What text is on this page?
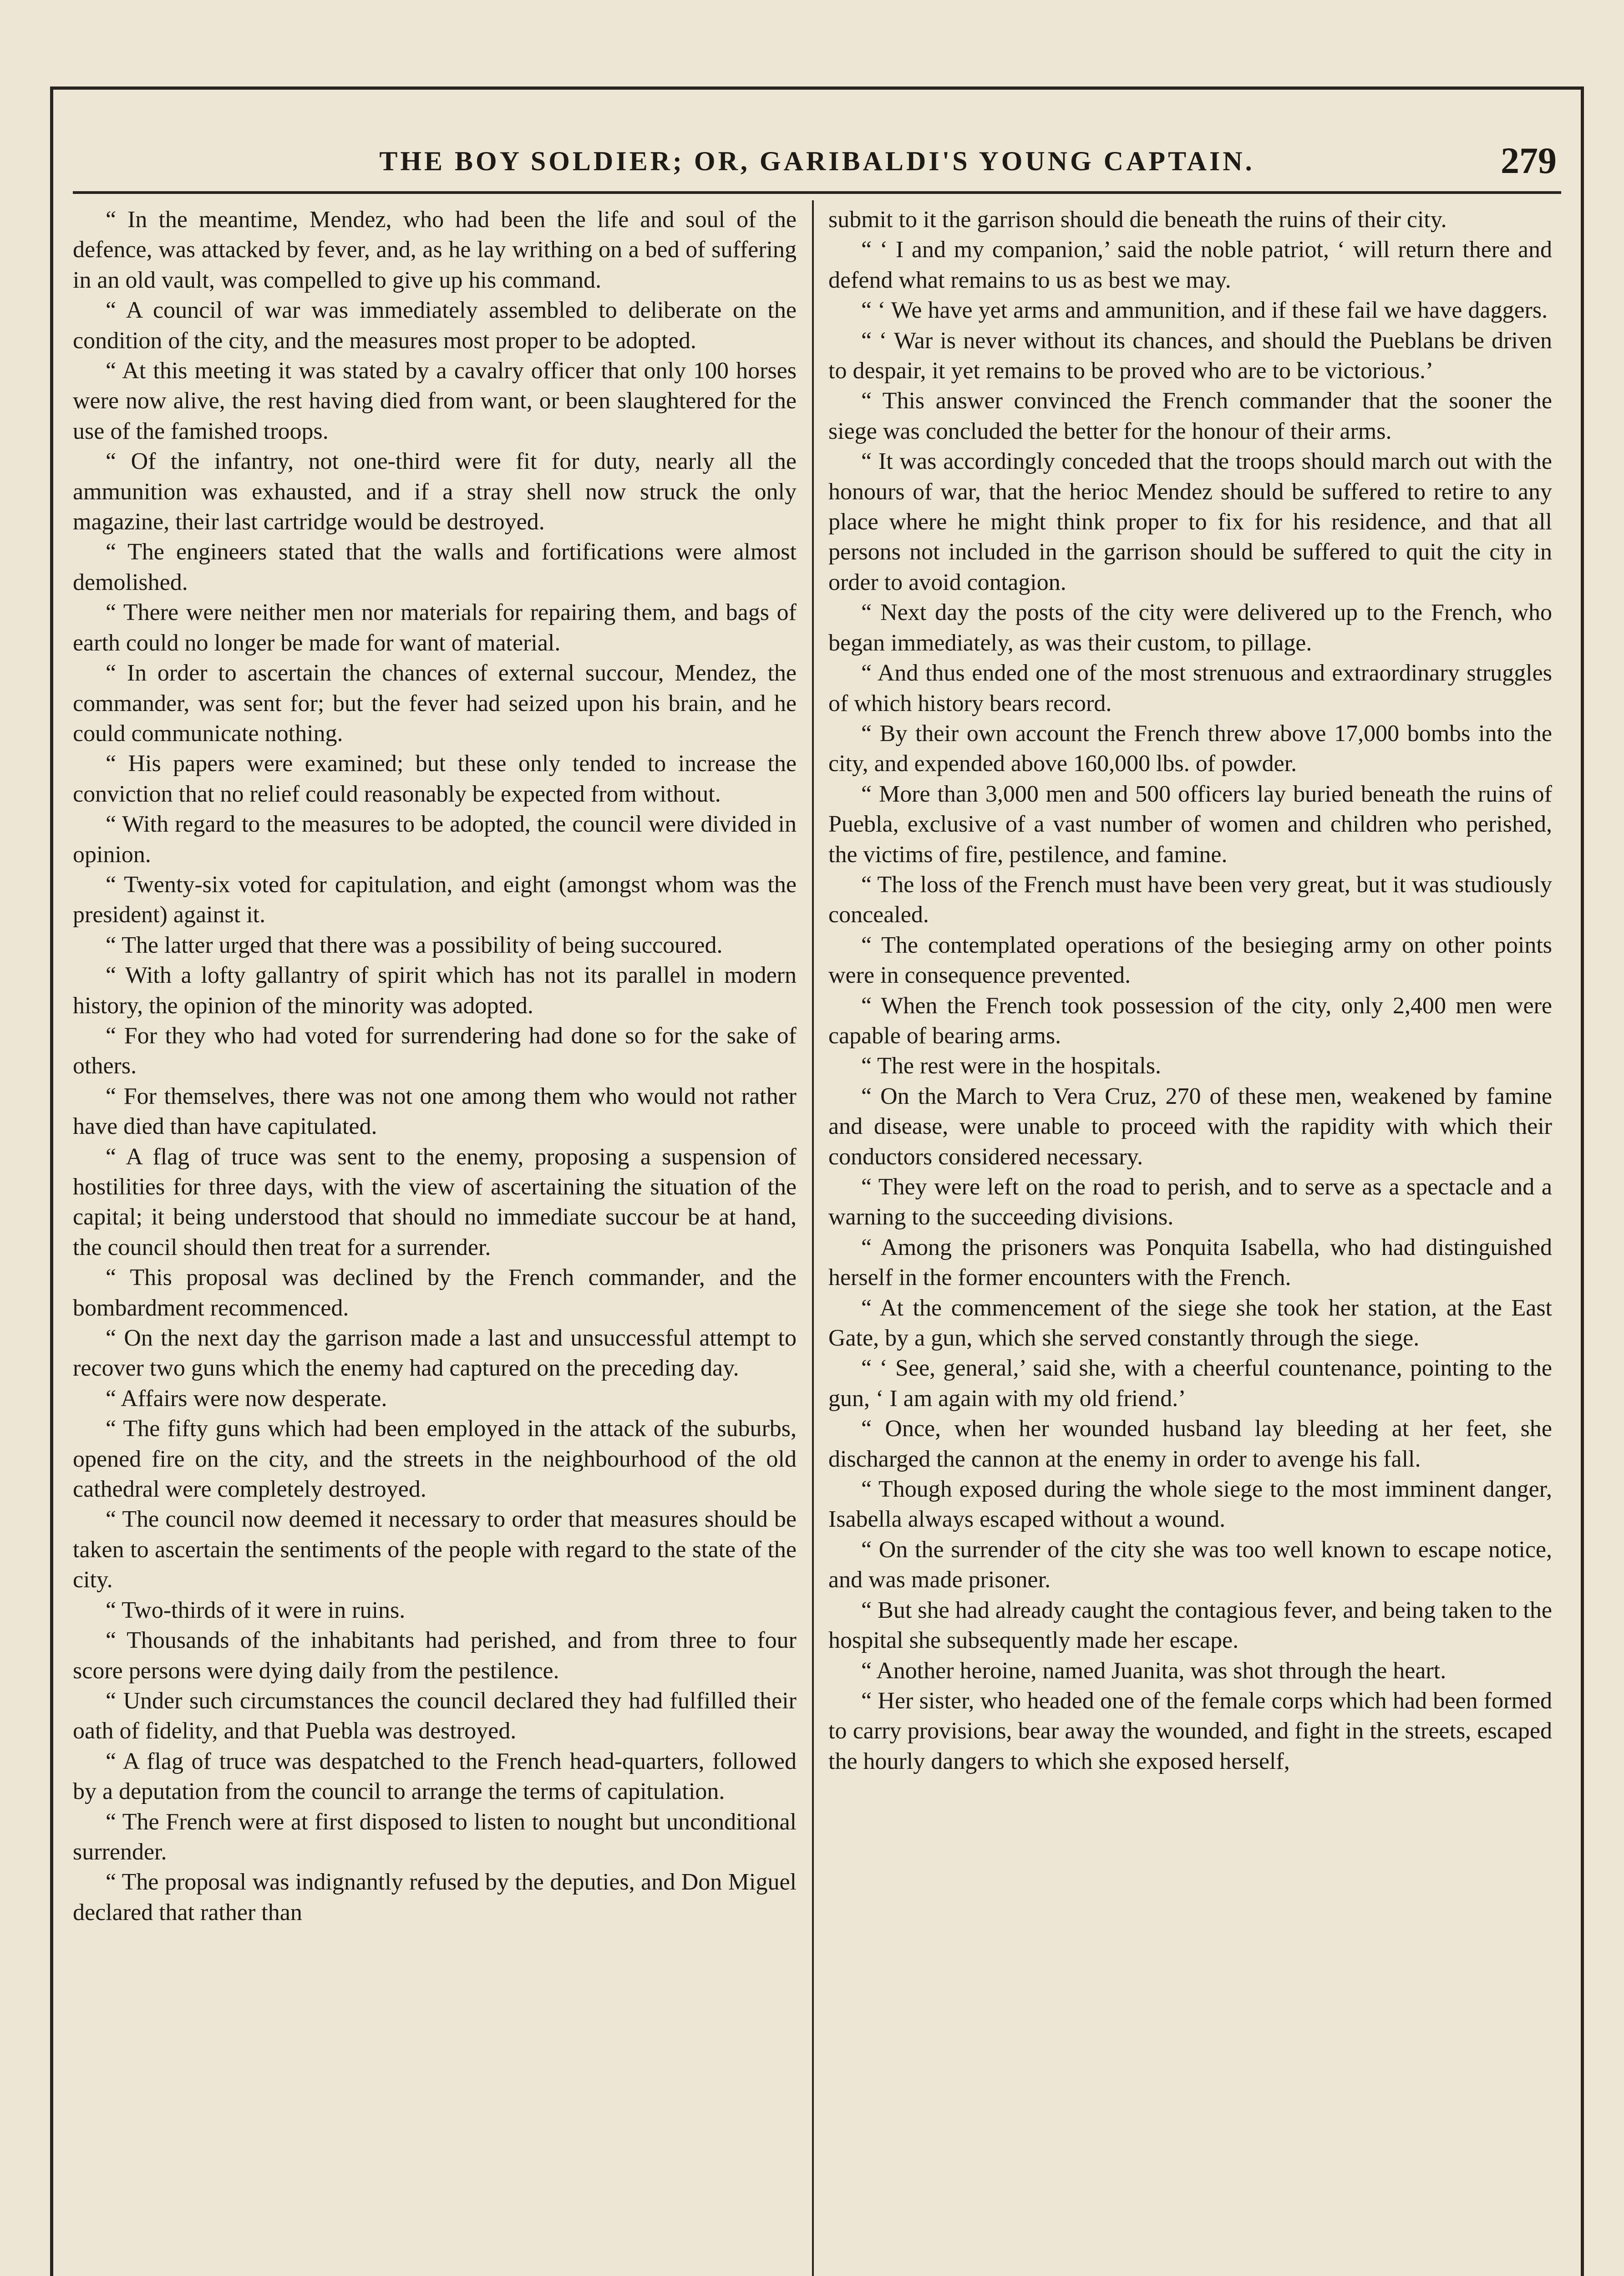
THE BOY SOLDIER; OR, GARIBALDI'S YOUNG CAPTAIN.	279

“ In the meantime, Mendez, who had been the life and soul of the defence, was attacked by fever, and, as he lay writhing on a bed of suffering in an old vault, was compelled to give up his command.

“ A council of war was immediately assembled to deliberate on the condition of the city, and the measures most proper to be adopted.

“ At this meeting it was stated by a cavalry officer that only 100 horses were now alive, the rest having died from want, or been slaughtered for the use of the famished troops.

“ Of the infantry, not one-third were fit for duty, nearly all the ammunition was exhausted, and if a stray shell now struck the only magazine, their last cartridge would be destroyed.

“ The engineers stated that the walls and fortifications were almost demolished.

“ There were neither men nor materials for repairing them, and bags of earth could no longer be made for want of material.

“ In order to ascertain the chances of external succour, Mendez, the commander, was sent for; but the fever had seized upon his brain, and he could communicate nothing.

“ His papers were examined; but these only tended to increase the conviction that no relief could reasonably be expected from without.

“ With regard to the measures to be adopted, the council were divided in opinion.

“ Twenty-six voted for capitulation, and eight (amongst whom was the president) against it.

“ The latter urged that there was a possibility of being succoured.

“ With a lofty gallantry of spirit which has not its parallel in modern history, the opinion of the minority was adopted.

“ For they who had voted for surrendering had done so for the sake of others.

“ For themselves, there was not one among them who would not rather have died than have capitulated.

“ A flag of truce was sent to the enemy, proposing a suspension of hostilities for three days, with the view of ascertaining the situation of the capital; it being understood that should no immediate succour be at hand, the council should then treat for a surrender.

“ This proposal was declined by the French commander, and the bombardment recommenced.

“ On the next day the garrison made a last and unsuccessful attempt to recover two guns which the enemy had captured on the preceding day.

“ Affairs were now desperate.

“ The fifty guns which had been employed in the attack of the suburbs, opened fire on the city, and the streets in the neighbourhood of the old cathedral were completely destroyed.

“ The council now deemed it necessary to order that measures should be taken to ascertain the sentiments of the people with regard to the state of the city.

“ Two-thirds of it were in ruins.

“ Thousands of the inhabitants had perished, and from three to four score persons were dying daily from the pestilence.

“ Under such circumstances the council declared they had fulfilled their oath of fidelity, and that Puebla was destroyed.

“ A flag of truce was despatched to the French head-quarters, followed by a deputation from the council to arrange the terms of capitulation.

“ The French were at first disposed to listen to nought but unconditional surrender.

“ The proposal was indignantly refused by the deputies, and Don Miguel declared that rather than

submit to it the garrison should die beneath the ruins of their city.

“ ‘ I and my companion,’ said the noble patriot, ‘ will return there and defend what remains to us as best we may.

“ ‘ We have yet arms and ammunition, and if these fail we have daggers.

“ ‘ War is never without its chances, and should the Pueblans be driven to despair, it yet remains to be proved who are to be victorious.’

“ This answer convinced the French commander that the sooner the siege was concluded the better for the honour of their arms.

“ It was accordingly conceded that the troops should march out with the honours of war, that the herioc Mendez should be suffered to retire to any place where he might think proper to fix for his residence, and that all persons not included in the garrison should be suffered to quit the city in order to avoid contagion.

“ Next day the posts of the city were delivered up to the French, who began immediately, as was their custom, to pillage.

“ And thus ended one of the most strenuous and extraordinary struggles of which history bears record.

“ By their own account the French threw above 17,000 bombs into the city, and expended above 160,000 lbs. of powder.

“ More than 3,000 men and 500 officers lay buried beneath the ruins of Puebla, exclusive of a vast number of women and children who perished, the victims of fire, pestilence, and famine.

“ The loss of the French must have been very great, but it was studiously concealed.

“ The contemplated operations of the besieging army on other points were in consequence prevented.

“ When the French took possession of the city, only 2,400 men were capable of bearing arms.

“ The rest were in the hospitals.

“ On the March to Vera Cruz, 270 of these men, weakened by famine and disease, were unable to proceed with the rapidity with which their conductors considered necessary.

“ They were left on the road to perish, and to serve as a spectacle and a warning to the succeeding divisions.

“ Among the prisoners was Ponquita Isabella, who had distinguished herself in the former encounters with the French.

“ At the commencement of the siege she took her station, at the East Gate, by a gun, which she served constantly through the siege.

“ ‘ See, general,’ said she, with a cheerful countenance, pointing to the gun, ‘ I am again with my old friend.’

“ Once, when her wounded husband lay bleeding at her feet, she discharged the cannon at the enemy in order to avenge his fall.

“ Though exposed during the whole siege to the most imminent danger, Isabella always escaped without a wound.

“ On the surrender of the city she was too well known to escape notice, and was made prisoner.

“ But she had already caught the contagious fever, and being taken to the hospital she subsequently made her escape.

“ Another heroine, named Juanita, was shot through the heart.

“ Her sister, who headed one of the female corps which had been formed to carry provisions, bear away the wounded, and fight in the streets, escaped the hourly dangers to which she exposed herself,
